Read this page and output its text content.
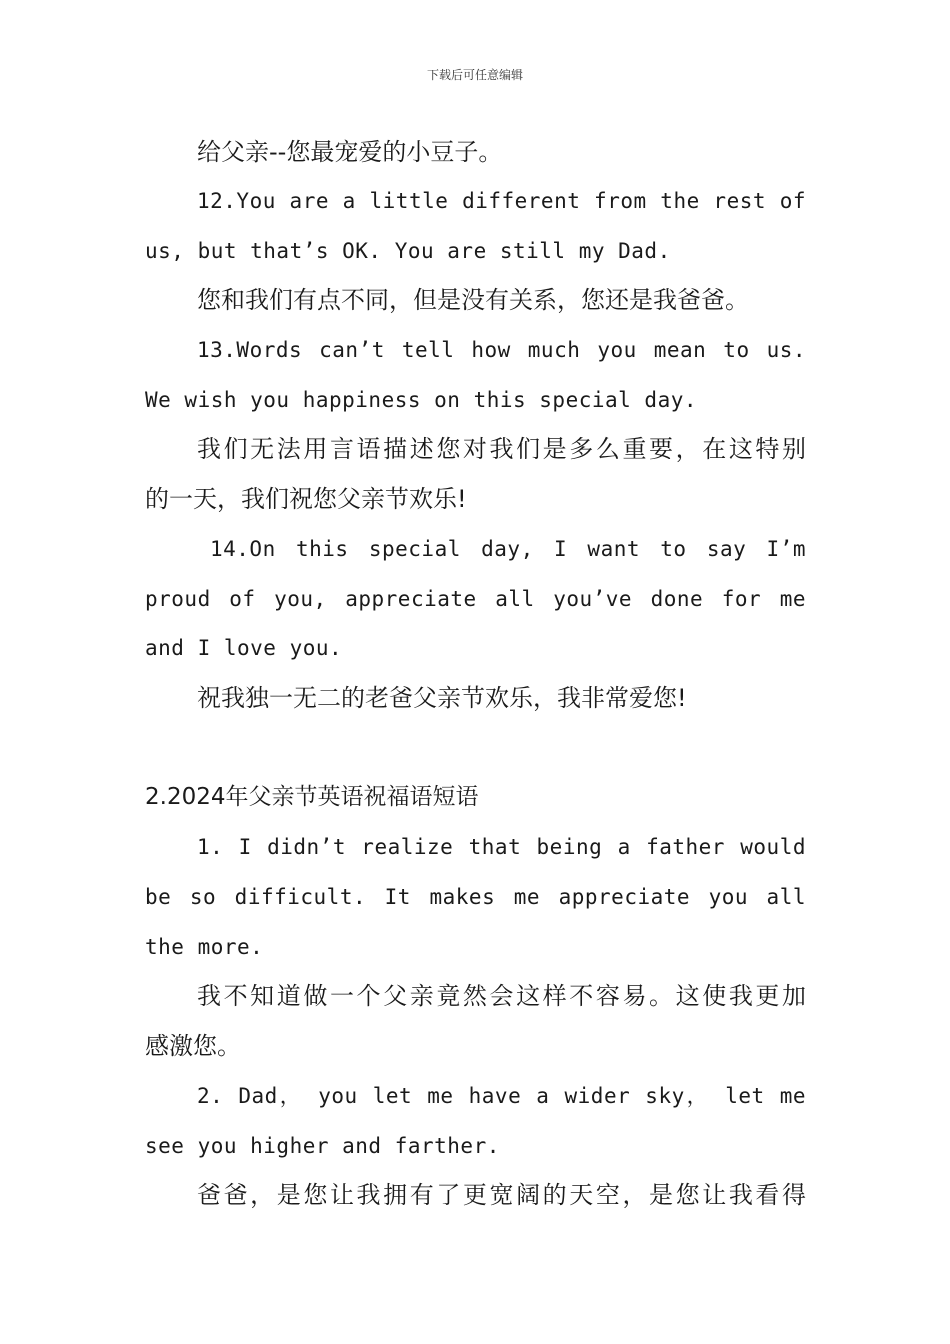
下载后可任意编辑
给父亲--您最宠爱的小豆子。
12.You are a little different from the rest of
us, but that’s OK. You are still my Dad.
您和我们有点不同，但是没有关系，您还是我爸爸。
13.Words can’t tell how much you mean to us.
We wish you happiness on this special day.
我们无法用言语描述您对我们是多么重要，在这特别
的一天，我们祝您父亲节欢乐!
14.On this special day, I want to say I’m
proud of you, appreciate all you’ve done for me
and I love you.
祝我独一无二的老爸父亲节欢乐，我非常爱您!
2.2024年父亲节英语祝福语短语
1. I didn’t realize that being a father would
be so difficult. It makes me appreciate you all
the more.
我不知道做一个父亲竟然会这样不容易。这使我更加
感激您。
2. Dad， you let me have a wider sky， let me
see you higher and farther.
爸爸，是您让我拥有了更宽阔的天空，是您让我看得
